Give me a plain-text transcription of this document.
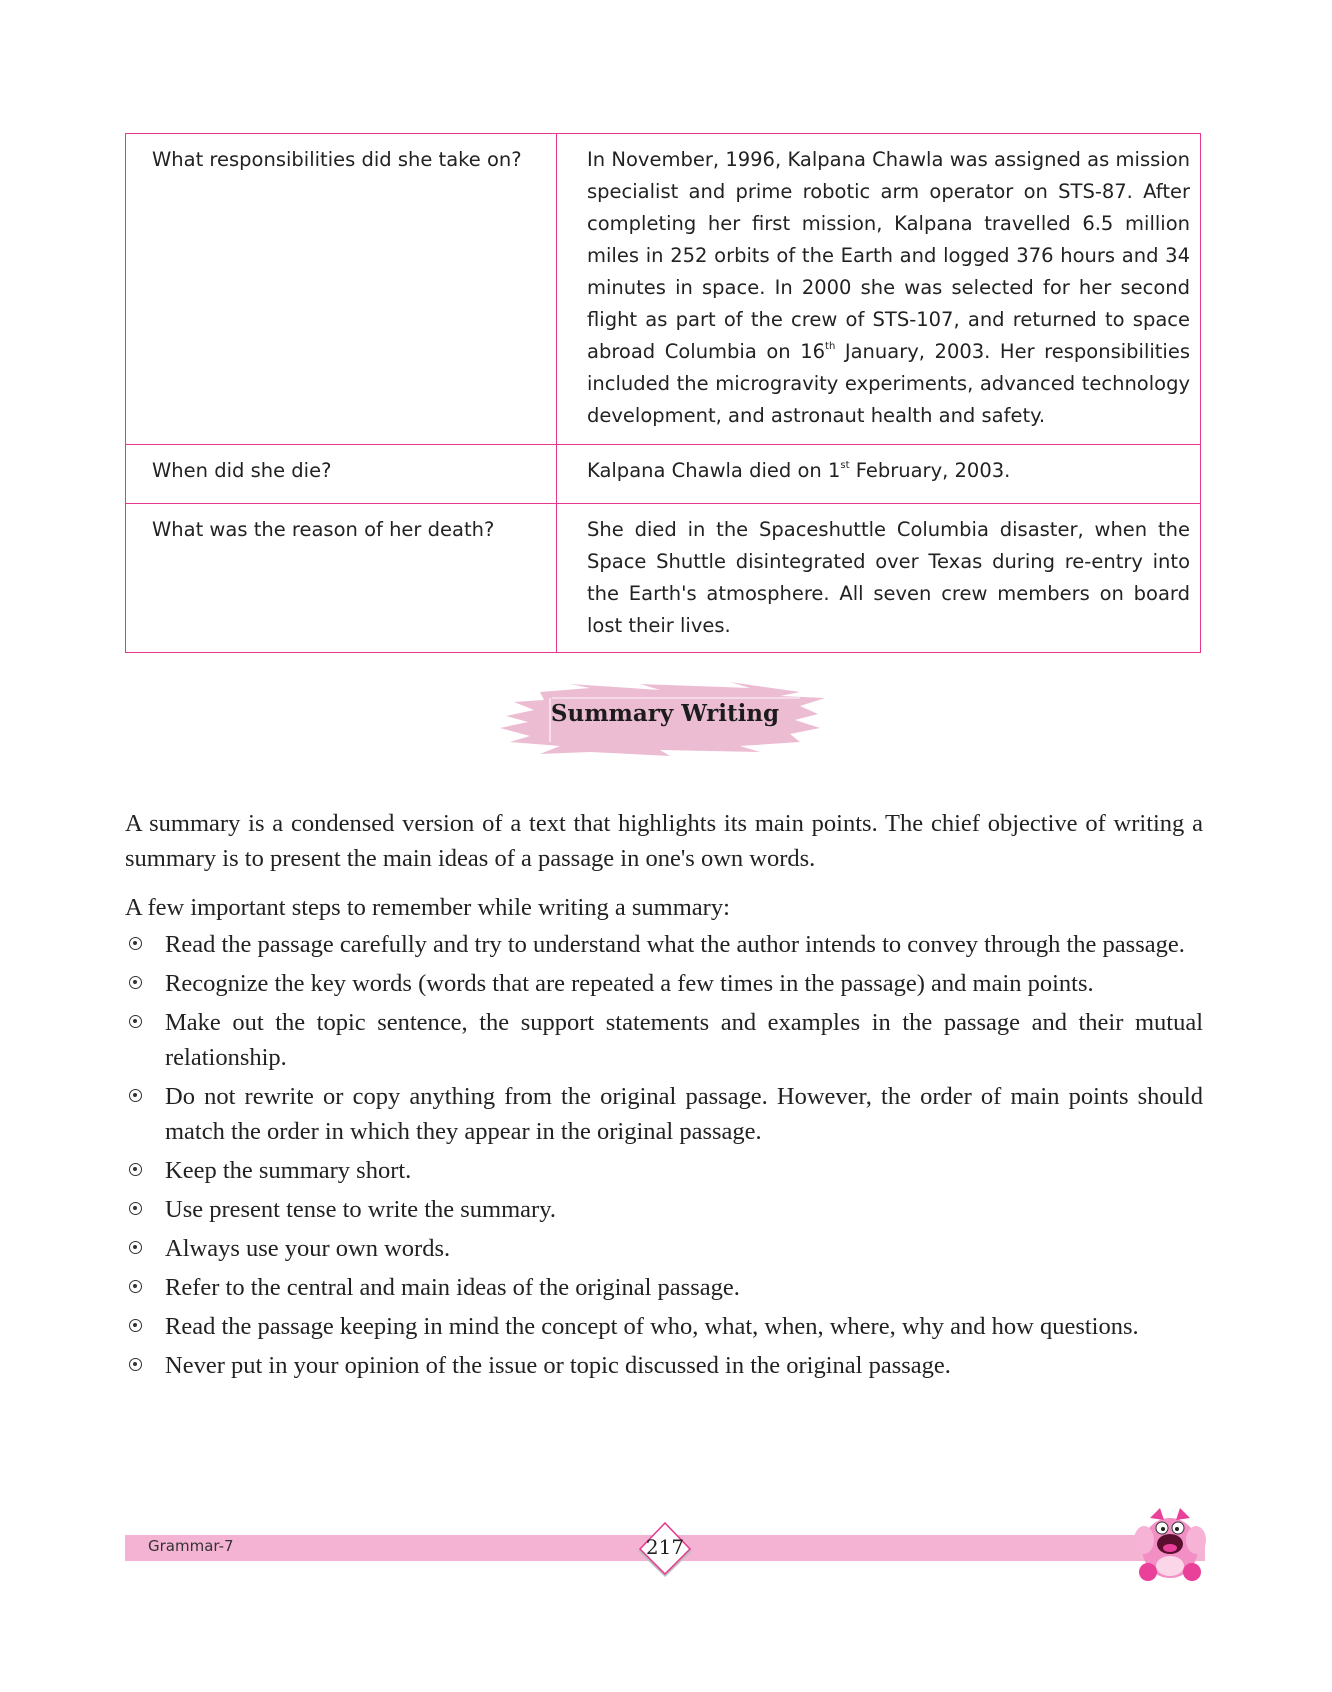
What responsibilities did she take on?	In November, 1996, Kalpana Chawla was assigned as mission specialist and prime robotic arm operator on STS-87. After completing her first mission, Kalpana travelled 6.5 million miles in 252 orbits of the Earth and logged 376 hours and 34 minutes in space. In 2000 she was selected for her second flight as part of the crew of STS-107, and returned to space abroad Columbia on 16th January, 2003. Her responsibilities included the microgravity experiments, advanced technology development, and astronaut health and safety.
When did she die?	Kalpana Chawla died on 1st February, 2003.
What was the reason of her death?	She died in the Spaceshuttle Columbia disaster, when the Space Shuttle disintegrated over Texas during re-entry into the Earth's atmosphere. All seven crew members on board lost their lives.
Summary Writing

A summary is a condensed version of a text that highlights its main points. The chief objective of writing a summary is to present the main ideas of a passage in one's own words.

A few important steps to remember while writing a summary:

Read the passage carefully and try to understand what the author intends to convey through the passage.
Recognize the key words (words that are repeated a few times in the passage) and main points.
Make out the topic sentence, the support statements and examples in the passage and their mutual relationship.
Do not rewrite or copy anything from the original passage. However, the order of main points should match the order in which they appear in the original passage.
Keep the summary short.
Use present tense to write the summary.
Always use your own words.
Refer to the central and main ideas of the original passage.
Read the passage keeping in mind the concept of who, what, when, where, why and how questions.
Never put in your opinion of the issue or topic discussed in the original passage.
Grammar-7	217
